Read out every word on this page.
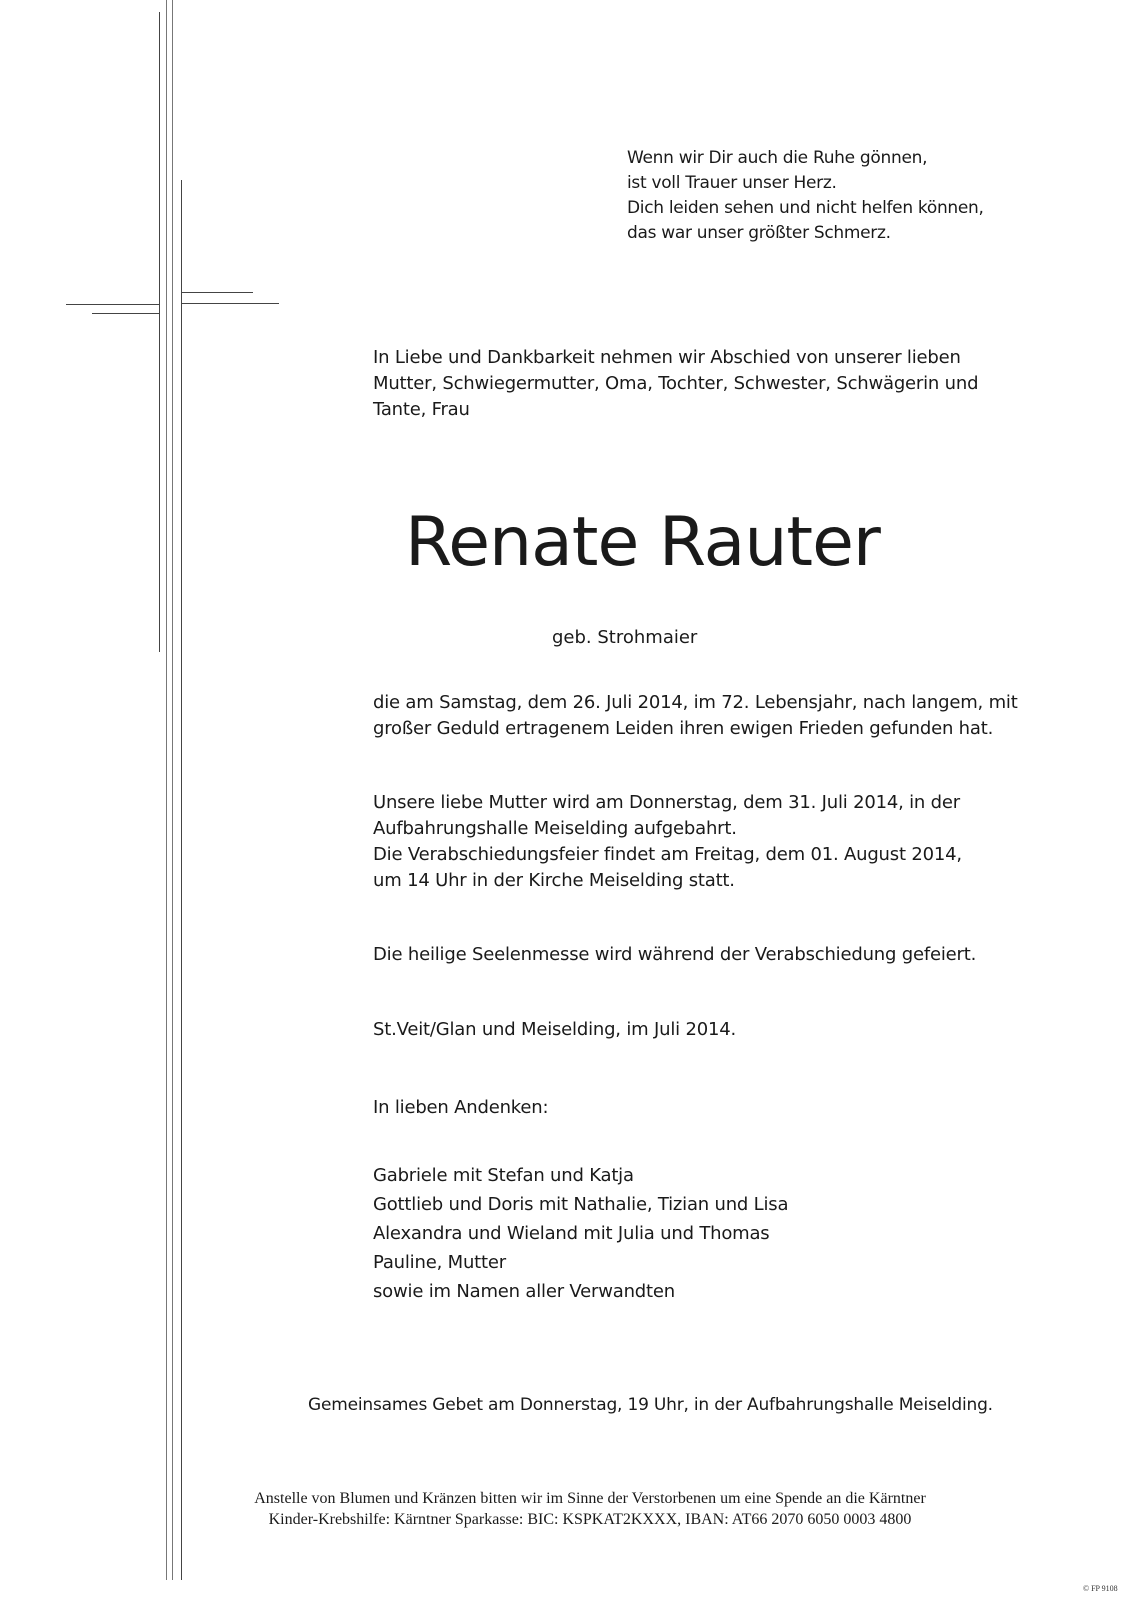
Wenn wir Dir auch die Ruhe gönnen,
ist voll Trauer unser Herz.
Dich leiden sehen und nicht helfen können,
das war unser größter Schmerz.
In Liebe und Dankbarkeit nehmen wir Abschied von unserer lieben Mutter, Schwiegermutter, Oma, Tochter, Schwester, Schwägerin und Tante, Frau
Renate Rauter
geb. Strohmaier
die am Samstag, dem 26. Juli 2014, im 72. Lebensjahr, nach langem, mit
großer Geduld ertragenem Leiden ihren ewigen Frieden gefunden hat.
Unsere liebe Mutter wird am Donnerstag, dem 31. Juli 2014, in der
Aufbahrungshalle Meiselding aufgebahrt.
Die Verabschiedungsfeier findet am Freitag, dem 01. August 2014,
um 14 Uhr in der Kirche Meiselding statt.
Die heilige Seelenmesse wird während der Verabschiedung gefeiert.
St.Veit/Glan und Meiselding, im Juli 2014.
In lieben Andenken:
Gabriele mit Stefan und Katja
Gottlieb und Doris mit Nathalie, Tizian und Lisa
Alexandra und Wieland mit Julia und Thomas
Pauline, Mutter
sowie im Namen aller Verwandten
Gemeinsames Gebet am Donnerstag, 19 Uhr, in der Aufbahrungshalle Meiselding.
Anstelle von Blumen und Kränzen bitten wir im Sinne der Verstorbenen um eine Spende an die Kärntner
Kinder-Krebshilfe: Kärntner Sparkasse: BIC: KSPKAT2KXXX, IBAN: AT66 2070 6050 0003 4800
© FP 9108
